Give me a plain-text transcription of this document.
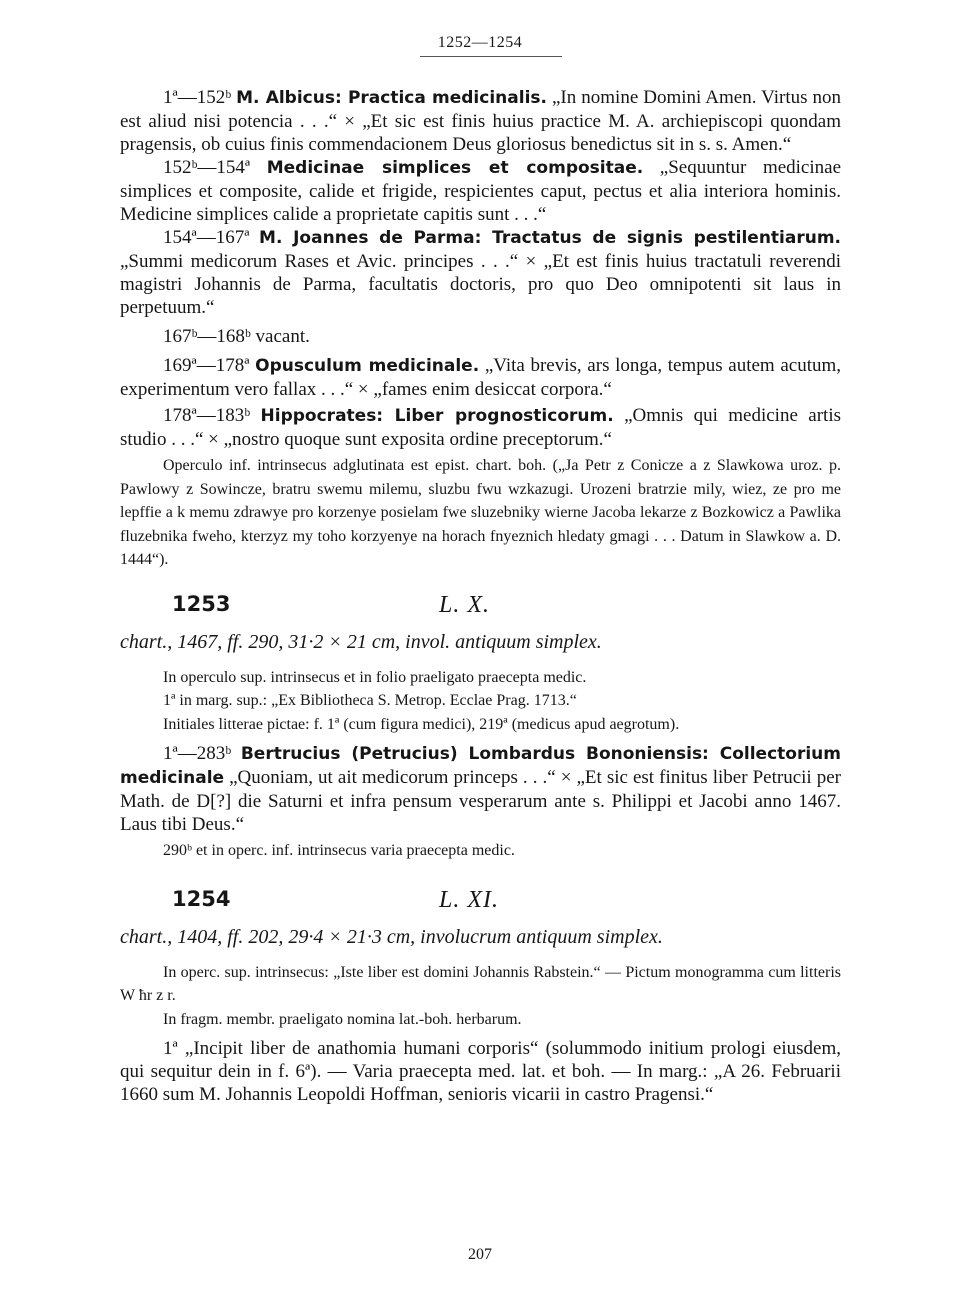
1252—1254

1ª—152ᵇ M. Albicus: Practica medicinalis. „In nomine Domini Amen. Virtus non est aliud nisi potencia . . .“ × „Et sic est finis huius practice M. A. archiepiscopi quondam pragensis, ob cuius finis commendacionem Deus gloriosus benedictus sit in s. s. Amen.“

152ᵇ—154ª Medicinae simplices et compositae. „Sequuntur medicinae simplices et composite, calide et frigide, respicientes caput, pectus et alia interiora hominis. Medicine simplices calide a proprietate capitis sunt . . .“

154ª—167ª M. Joannes de Parma: Tractatus de signis pestilentiarum. „Summi medicorum Rases et Avic. principes . . .“ × „Et est finis huius tractatuli reverendi magistri Johannis de Parma, facultatis doctoris, pro quo Deo omnipotenti sit laus in perpetuum.“

167ᵇ—168ᵇ vacant.

169ª—178ª Opusculum medicinale. „Vita brevis, ars longa, tempus autem acutum, experimentum vero fallax . . .“ × „fames enim desiccat corpora.“

178ª—183ᵇ Hippocrates: Liber prognosticorum. „Omnis qui medicine artis studio . . .“ × „nostro quoque sunt exposita ordine preceptorum.“

Operculo inf. intrinsecus adglutinata est epist. chart. boh. („Ja Petr z Conicze a z Slawkowa uroz. p. Pawlowy z Sowincze, bratru swemu milemu, sluzbu fwu wzkazugi. Urozeni bratrzie mily, wiez, ze pro me lepffie a k memu zdrawye pro korzenye posielam fwe sluzebniky wierne Jacoba lekarze z Bozkowicz a Pawlika fluzebnika fweho, kterzyz my toho korzyenye na horach fnyeznich hledaty gmagi . . . Datum in Slawkow a. D. 1444“).

1253	L. X.

chart., 1467, ff. 290, 31·2 × 21 cm, invol. antiquum simplex.

In operculo sup. intrinsecus et in folio praeligato praecepta medic.

1ª in marg. sup.: „Ex Bibliotheca S. Metrop. Ecclae Prag. 1713.“

Initiales litterae pictae: f. 1ª (cum figura medici), 219ª (medicus apud aegrotum).

1ª—283ᵇ Bertrucius (Petrucius) Lombardus Bononiensis: Collectorium medicinale „Quoniam, ut ait medicorum princeps . . .“ × „Et sic est finitus liber Petrucii per Math. de D[?] die Saturni et infra pensum vesperarum ante s. Philippi et Jacobi anno 1467. Laus tibi Deus.“

290ᵇ et in operc. inf. intrinsecus varia praecepta medic.

1254	L. XI.

chart., 1404, ff. 202, 29·4 × 21·3 cm, involucrum antiquum simplex.

In operc. sup. intrinsecus: „Iste liber est domini Johannis Rabstein.“ — Pictum monogramma cum litteris W ħr z r.

In fragm. membr. praeligato nomina lat.-boh. herbarum.

1ª „Incipit liber de anathomia humani corporis“ (solummodo initium prologi eiusdem, qui sequitur dein in f. 6ª). — Varia praecepta med. lat. et boh. — In marg.: „A 26. Februarii 1660 sum M. Johannis Leopoldi Hoffman, senioris vicarii in castro Pragensi.“

207
